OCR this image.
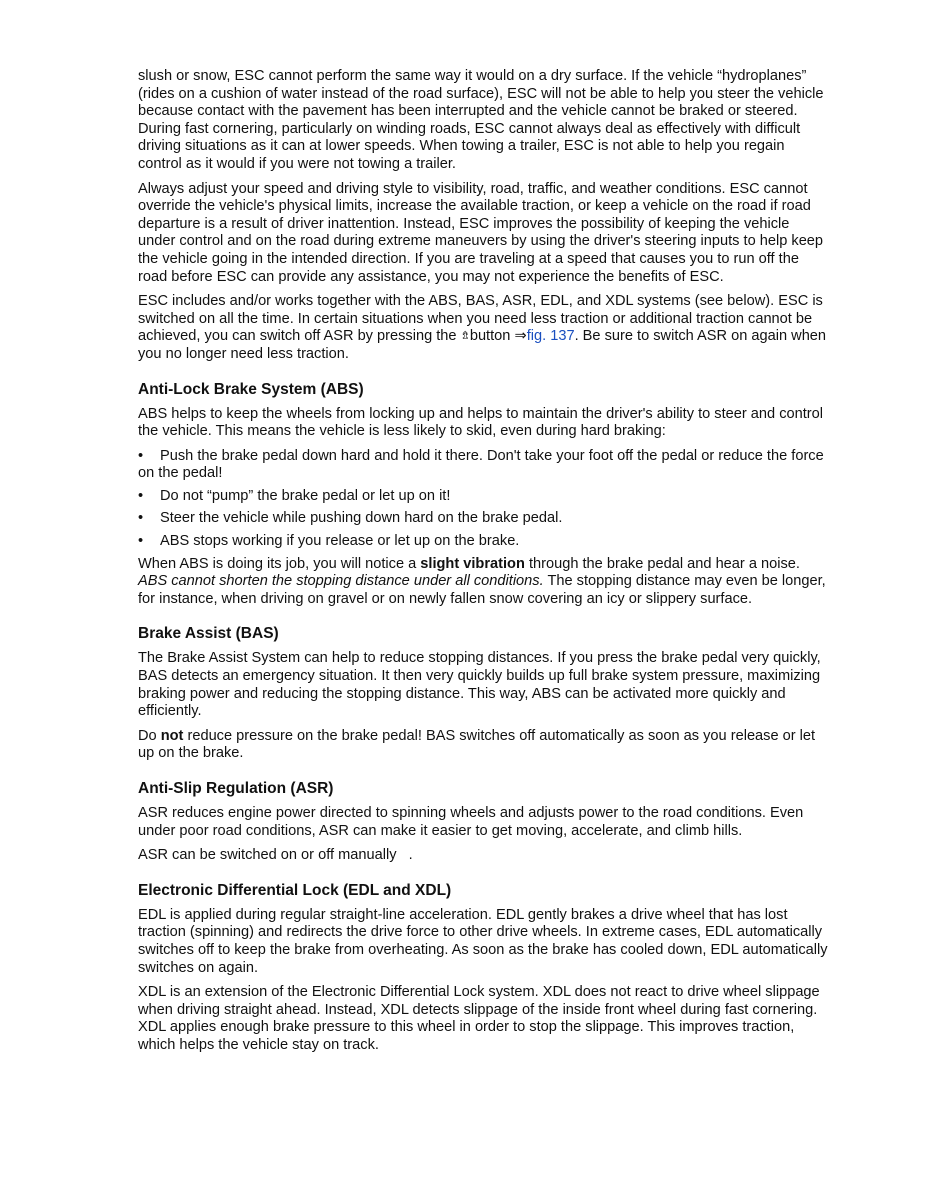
slush or snow, ESC cannot perform the same way it would on a dry surface. If the vehicle “hydroplanes” (rides on a cushion of water instead of the road surface), ESC will not be able to help you steer the vehicle because contact with the pavement has been interrupted and the vehicle cannot be braked or steered. During fast cornering, particularly on winding roads, ESC cannot always deal as effectively with difficult driving situations as it can at lower speeds. When towing a trailer, ESC is not able to help you regain control as it would if you were not towing a trailer.

Always adjust your speed and driving style to visibility, road, traffic, and weather conditions. ESC cannot override the vehicle's physical limits, increase the available traction, or keep a vehicle on the road if road departure is a result of driver inattention. Instead, ESC improves the possibility of keeping the vehicle under control and on the road during extreme maneuvers by using the driver's steering inputs to help keep the vehicle going in the intended direction. If you are traveling at a speed that causes you to run off the road before ESC can provide any assistance, you may not experience the benefits of ESC.

ESC includes and/or works together with the ABS, BAS, ASR, EDL, and XDL systems (see below). ESC is switched on all the time. In certain situations when you need less traction or additional traction cannot be achieved, you can switch off ASR by pressing the ⇯button ⇒fig. 137. Be sure to switch ASR on again when you no longer need less traction.

Anti-Lock Brake System (ABS)

ABS helps to keep the wheels from locking up and helps to maintain the driver's ability to steer and control the vehicle. This means the vehicle is less likely to skid, even during hard braking:

• Push the brake pedal down hard and hold it there. Don't take your foot off the pedal or reduce the force on the pedal!
• Do not “pump” the brake pedal or let up on it!
• Steer the vehicle while pushing down hard on the brake pedal.
• ABS stops working if you release or let up on the brake.

When ABS is doing its job, you will notice a slight vibration through the brake pedal and hear a noise. ABS cannot shorten the stopping distance under all conditions. The stopping distance may even be longer, for instance, when driving on gravel or on newly fallen snow covering an icy or slippery surface.

Brake Assist (BAS)

The Brake Assist System can help to reduce stopping distances. If you press the brake pedal very quickly, BAS detects an emergency situation. It then very quickly builds up full brake system pressure, maximizing braking power and reducing the stopping distance. This way, ABS can be activated more quickly and efficiently.

Do not reduce pressure on the brake pedal! BAS switches off automatically as soon as you release or let up on the brake.

Anti-Slip Regulation (ASR)

ASR reduces engine power directed to spinning wheels and adjusts power to the road conditions. Even under poor road conditions, ASR can make it easier to get moving, accelerate, and climb hills.

ASR can be switched on or off manually   .

Electronic Differential Lock (EDL and XDL)

EDL is applied during regular straight-line acceleration. EDL gently brakes a drive wheel that has lost traction (spinning) and redirects the drive force to other drive wheels. In extreme cases, EDL automatically switches off to keep the brake from overheating. As soon as the brake has cooled down, EDL automatically switches on again.

XDL is an extension of the Electronic Differential Lock system. XDL does not react to drive wheel slippage when driving straight ahead. Instead, XDL detects slippage of the inside front wheel during fast cornering. XDL applies enough brake pressure to this wheel in order to stop the slippage. This improves traction, which helps the vehicle stay on track.
